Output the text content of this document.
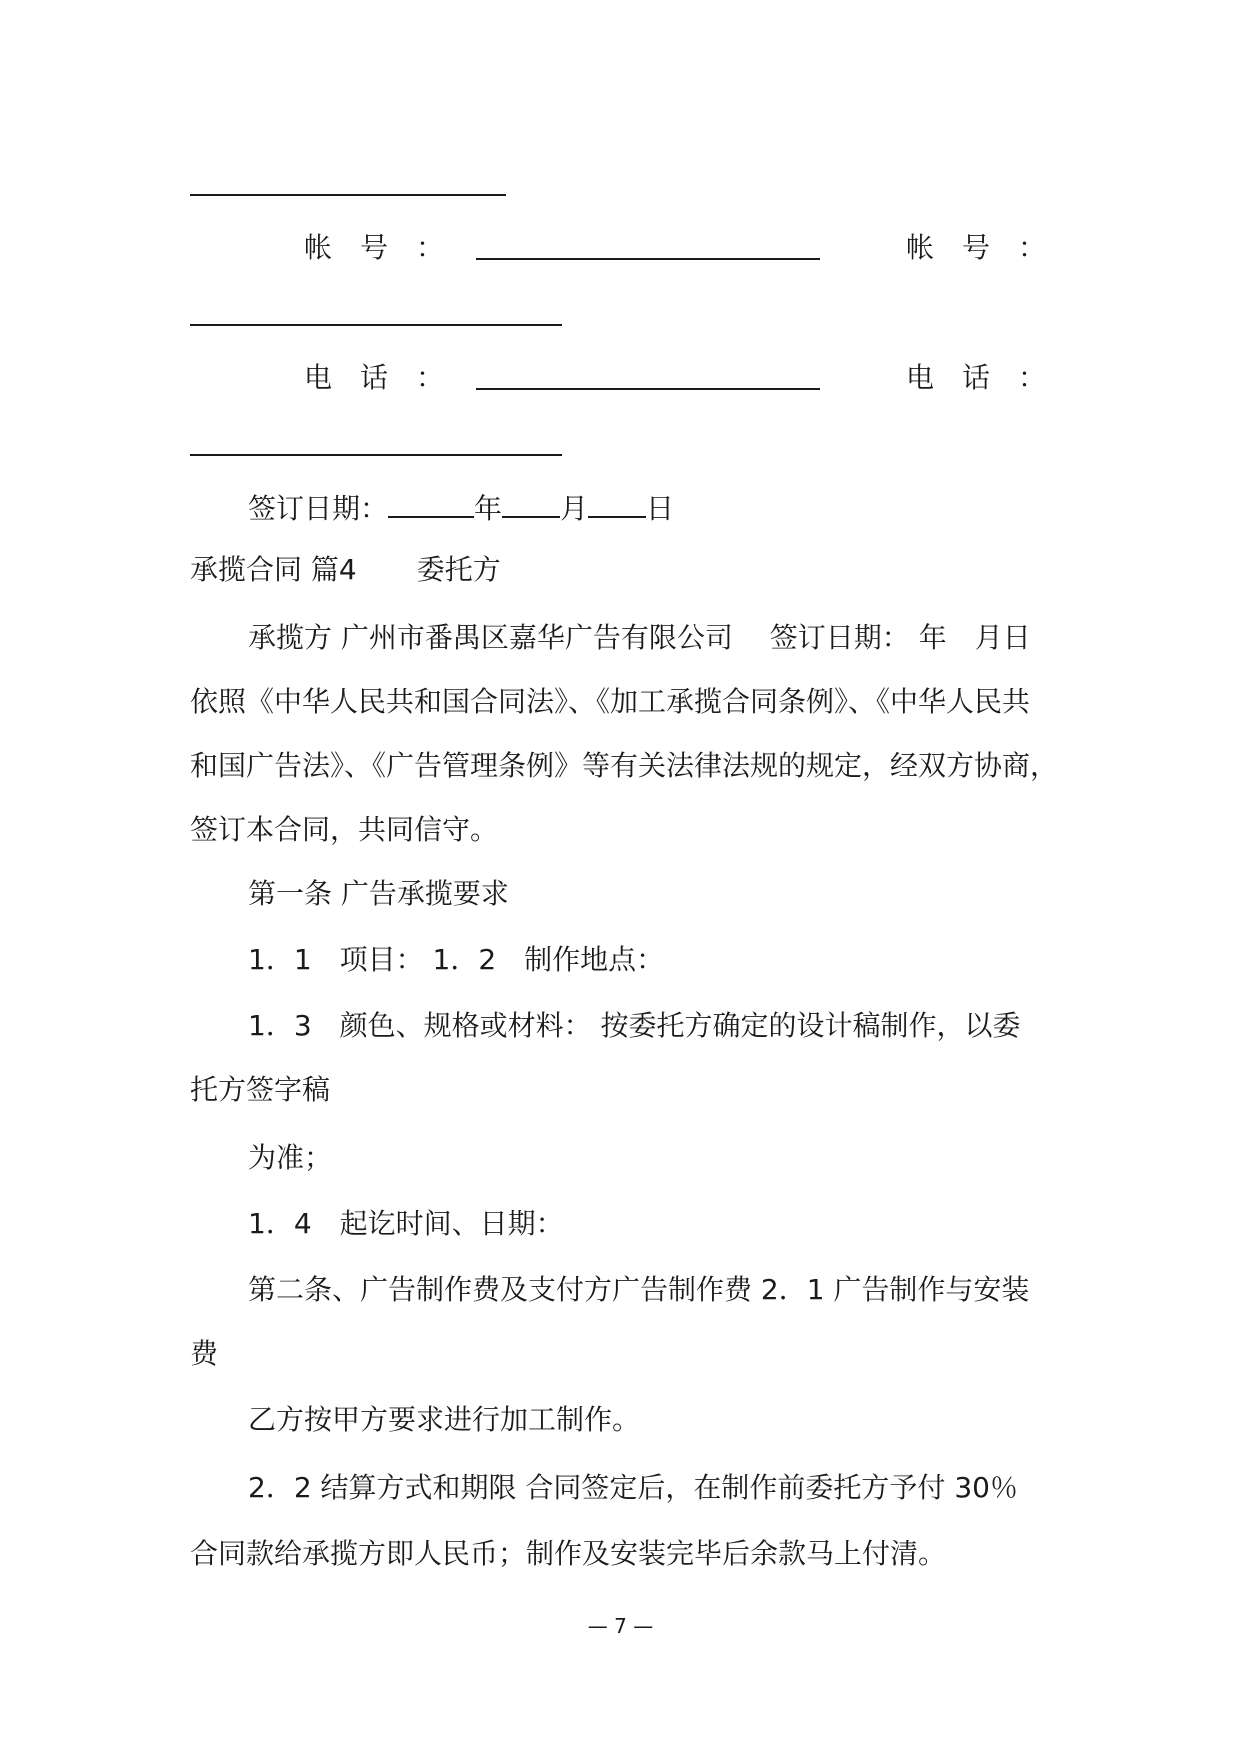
帐　号　：	帐　号　：
电　话　：	电　话　：
签订日期：	年 月 日
承揽合同 篇4 委托方
承揽方 广州市番禺区嘉华广告有限公司　 签订日期： 年　月日
依照《中华人民共和国合同法》、《加工承揽合同条例》、《中华人民共
和国广告法》、《广告管理条例》等有关法律法规的规定，经双方协商，
签订本合同，共同信守。
第一条 广告承揽要求
1．1　项目： 1．2　制作地点：
1．3　颜色、规格或材料： 按委托方确定的设计稿制作，以委
托方签字稿
为准；
1．4　起讫时间、日期：
第二条、广告制作费及支付方广告制作费 2．1 广告制作与安装
费
乙方按甲方要求进行加工制作。
2．2 结算方式和期限 合同签定后，在制作前委托方予付 30％
合同款给承揽方即人民币；制作及安装完毕后余款马上付清。
— 7 —
